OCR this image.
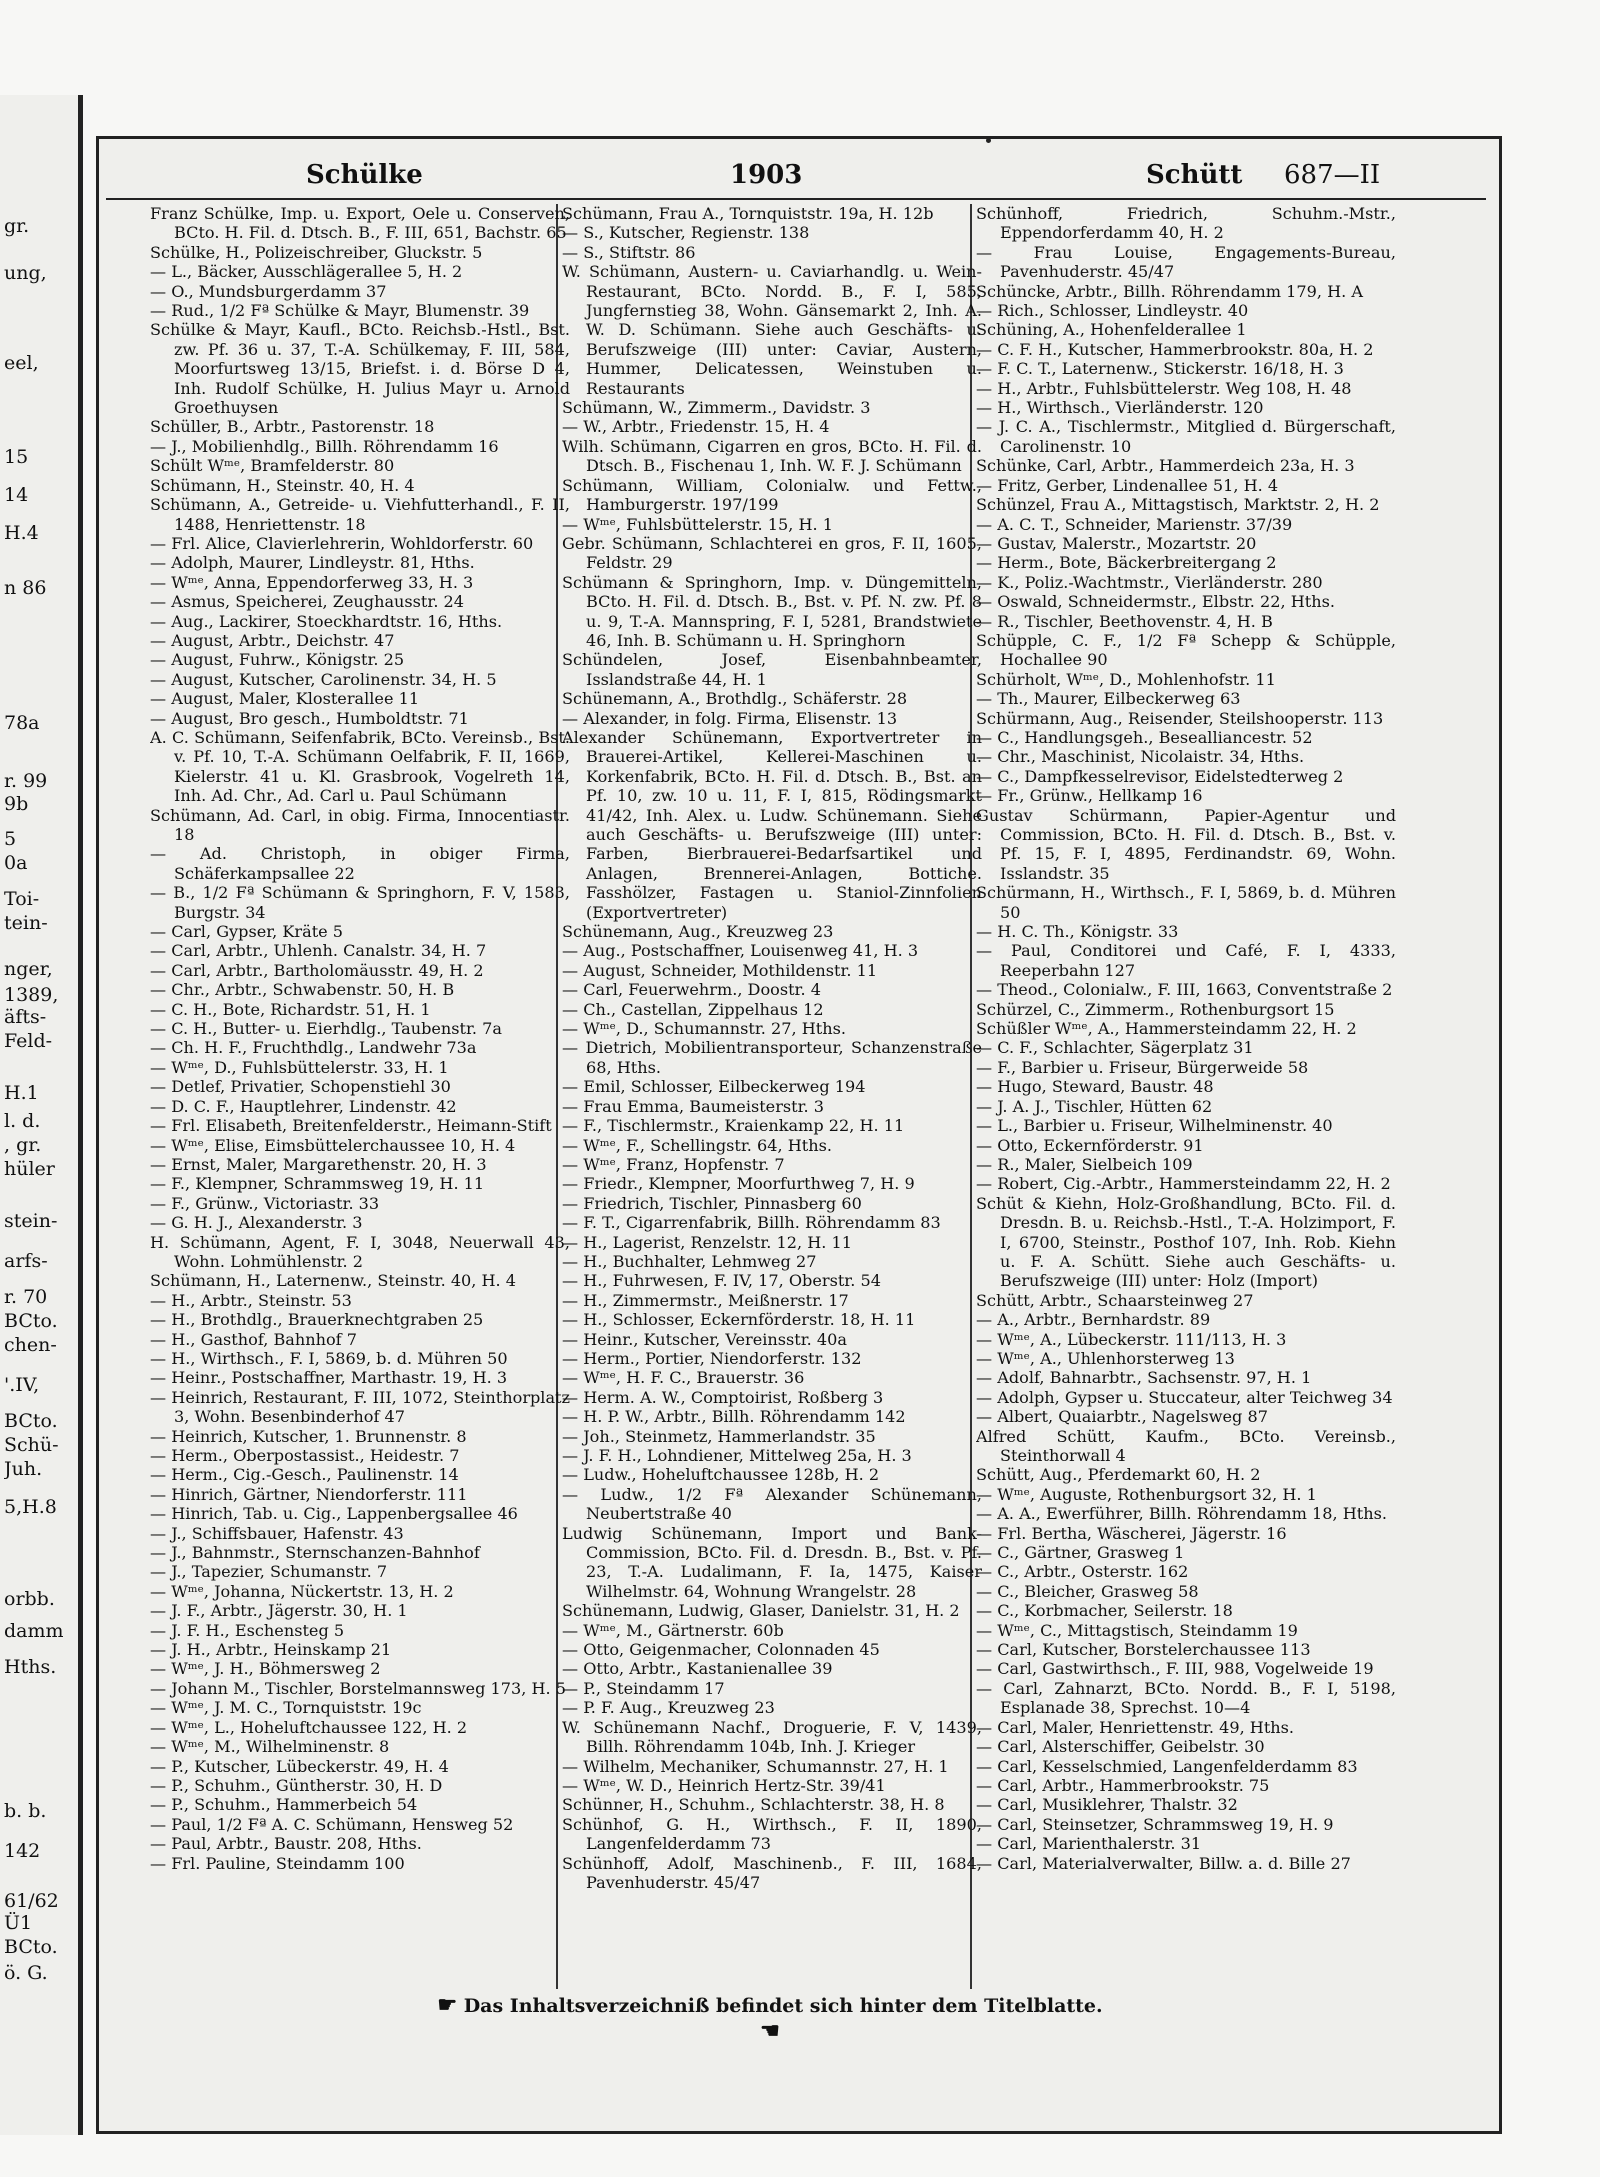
gr.
ung,
eel,
15
14
H.4
n 86
78a
r. 99
9b
5
0a
Toi-
tein-
nger,
1389,
äfts-
Feld-
H.1
l. d.
, gr.
hüler
stein-
arfs-
r. 70
BCto.
chen-
'.IV,
BCto.
Schü-
Juh.
5,H.8
orbb.
damm
Hths.
b. b.
142
61/62
Ü1
BCto.
ö. G.
Schülke	1903	Schütt 687—II

Franz Schülke, Imp. u. Export, Oele u. Conserven, BCto. H. Fil. d. Dtsch. B., F. III, 651, Bachstr. 65

Schülke, H., Polizeischreiber, Gluckstr. 5

— L., Bäcker, Ausschlägerallee 5, H. 2

— O., Mundsburgerdamm 37

— Rud., 1/2 Fª Schülke & Mayr, Blumenstr. 39

Schülke & Mayr, Kaufl., BCto. Reichsb.-Hstl., Bst. zw. Pf. 36 u. 37, T.-A. Schülkemay, F. III, 584, Moorfurtsweg 13/15, Briefst. i. d. Börse D 4, Inh. Rudolf Schülke, H. Julius Mayr u. Arnold Groethuysen

Schüller, B., Arbtr., Pastorenstr. 18

— J., Mobilienhdlg., Billh. Röhrendamm 16

Schült Wᵐᵉ, Bramfelderstr. 80

Schümann, H., Steinstr. 40, H. 4

Schümann, A., Getreide- u. Viehfutterhandl., F. II, 1488, Henriettenstr. 18

— Frl. Alice, Clavierlehrerin, Wohldorferstr. 60

— Adolph, Maurer, Lindleystr. 81, Hths.

— Wᵐᵉ, Anna, Eppendorferweg 33, H. 3

— Asmus, Speicherei, Zeughausstr. 24

— Aug., Lackirer, Stoeckhardtstr. 16, Hths.

— August, Arbtr., Deichstr. 47

— August, Fuhrw., Königstr. 25

— August, Kutscher, Carolinenstr. 34, H. 5

— August, Maler, Klosterallee 11

— August, Bro gesch., Humboldtstr. 71

A. C. Schümann, Seifenfabrik, BCto. Vereinsb., Bst. v. Pf. 10, T.-A. Schümann Oelfabrik, F. II, 1669, Kielerstr. 41 u. Kl. Grasbrook, Vogelreth 14, Inh. Ad. Chr., Ad. Carl u. Paul Schümann

Schümann, Ad. Carl, in obig. Firma, Innocentiastr. 18

— Ad. Christoph, in obiger Firma, Schäferkampsallee 22

— B., 1/2 Fª Schümann & Springhorn, F. V, 1583, Burgstr. 34

— Carl, Gypser, Kräte 5

— Carl, Arbtr., Uhlenh. Canalstr. 34, H. 7

— Carl, Arbtr., Bartholomäusstr. 49, H. 2

— Chr., Arbtr., Schwabenstr. 50, H. B

— C. H., Bote, Richardstr. 51, H. 1

— C. H., Butter- u. Eierhdlg., Taubenstr. 7a

— Ch. H. F., Fruchthdlg., Landwehr 73a

— Wᵐᵉ, D., Fuhlsbüttelerstr. 33, H. 1

— Detlef, Privatier, Schopenstiehl 30

— D. C. F., Hauptlehrer, Lindenstr. 42

— Frl. Elisabeth, Breitenfelderstr., Heimann-Stift

— Wᵐᵉ, Elise, Eimsbüttelerchaussee 10, H. 4

— Ernst, Maler, Margarethenstr. 20, H. 3

— F., Klempner, Schrammsweg 19, H. 11

— F., Grünw., Victoriastr. 33

— G. H. J., Alexanderstr. 3

H. Schümann, Agent, F. I, 3048, Neuerwall 43, Wohn. Lohmühlenstr. 2

Schümann, H., Laternenw., Steinstr. 40, H. 4

— H., Arbtr., Steinstr. 53

— H., Brothdlg., Brauerknechtgraben 25

— H., Gasthof, Bahnhof 7

— H., Wirthsch., F. I, 5869, b. d. Mühren 50

— Heinr., Postschaffner, Marthastr. 19, H. 3

— Heinrich, Restaurant, F. III, 1072, Steinthorplatz 3, Wohn. Besenbinderhof 47

— Heinrich, Kutscher, 1. Brunnenstr. 8

— Herm., Oberpostassist., Heidestr. 7

— Herm., Cig.-Gesch., Paulinenstr. 14

— Hinrich, Gärtner, Niendorferstr. 111

— Hinrich, Tab. u. Cig., Lappenbergsallee 46

— J., Schiffsbauer, Hafenstr. 43

— J., Bahnmstr., Sternschanzen-Bahnhof

— J., Tapezier, Schumanstr. 7

— Wᵐᵉ, Johanna, Nückertstr. 13, H. 2

— J. F., Arbtr., Jägerstr. 30, H. 1

— J. F. H., Eschensteg 5

— J. H., Arbtr., Heinskamp 21

— Wᵐᵉ, J. H., Böhmersweg 2

— Johann M., Tischler, Borstelmannsweg 173, H. 5

— Wᵐᵉ, J. M. C., Tornquiststr. 19c

— Wᵐᵉ, L., Hoheluftchaussee 122, H. 2

— Wᵐᵉ, M., Wilhelminenstr. 8

— P., Kutscher, Lübeckerstr. 49, H. 4

— P., Schuhm., Güntherstr. 30, H. D

— P., Schuhm., Hammerbeich 54

— Paul, 1/2 Fª A. C. Schümann, Hensweg 52

— Paul, Arbtr., Baustr. 208, Hths.

— Frl. Pauline, Steindamm 100

Schümann, Frau A., Tornquiststr. 19a, H. 12b

— S., Kutscher, Regienstr. 138

— S., Stiftstr. 86

W. Schümann, Austern- u. Caviarhandlg. u. Wein-Restaurant, BCto. Nordd. B., F. I, 585, Jungfernstieg 38, Wohn. Gänsemarkt 2, Inh. A. W. D. Schümann. Siehe auch Geschäfts- u. Berufszweige (III) unter: Caviar, Austern, Hummer, Delicatessen, Weinstuben u. Restaurants

Schümann, W., Zimmerm., Davidstr. 3

— W., Arbtr., Friedenstr. 15, H. 4

Wilh. Schümann, Cigarren en gros, BCto. H. Fil. d. Dtsch. B., Fischenau 1, Inh. W. F. J. Schümann

Schümann, William, Colonialw. und Fettw., Hamburgerstr. 197/199

— Wᵐᵉ, Fuhlsbüttelerstr. 15, H. 1

Gebr. Schümann, Schlachterei en gros, F. II, 1605, Feldstr. 29

Schümann & Springhorn, Imp. v. Düngemitteln, BCto. H. Fil. d. Dtsch. B., Bst. v. Pf. N. zw. Pf. 8 u. 9, T.-A. Mannspring, F. I, 5281, Brandstwiete 46, Inh. B. Schümann u. H. Springhorn

Schündelen, Josef, Eisenbahnbeamter, Isslandstraße 44, H. 1

Schünemann, A., Brothdlg., Schäferstr. 28

— Alexander, in folg. Firma, Elisenstr. 13

Alexander Schünemann, Exportvertreter in Brauerei-Artikel, Kellerei-Maschinen u. Korkenfabrik, BCto. H. Fil. d. Dtsch. B., Bst. an Pf. 10, zw. 10 u. 11, F. I, 815, Rödingsmarkt 41/42, Inh. Alex. u. Ludw. Schünemann. Siehe auch Geschäfts- u. Berufszweige (III) unter: Farben, Bierbrauerei-Bedarfsartikel und Anlagen, Brennerei-Anlagen, Bottiche. Fasshölzer, Fastagen u. Staniol-Zinnfolien (Exportvertreter)

Schünemann, Aug., Kreuzweg 23

— Aug., Postschaffner, Louisenweg 41, H. 3

— August, Schneider, Mothildenstr. 11

— Carl, Feuerwehrm., Doostr. 4

— Ch., Castellan, Zippelhaus 12

— Wᵐᵉ, D., Schumannstr. 27, Hths.

— Dietrich, Mobilientransporteur, Schanzenstraße 68, Hths.

— Emil, Schlosser, Eilbeckerweg 194

— Frau Emma, Baumeisterstr. 3

— F., Tischlermstr., Kraienkamp 22, H. 11

— Wᵐᵉ, F., Schellingstr. 64, Hths.

— Wᵐᵉ, Franz, Hopfenstr. 7

— Friedr., Klempner, Moorfurthweg 7, H. 9

— Friedrich, Tischler, Pinnasberg 60

— F. T., Cigarrenfabrik, Billh. Röhrendamm 83

— H., Lagerist, Renzelstr. 12, H. 11

— H., Buchhalter, Lehmweg 27

— H., Fuhrwesen, F. IV, 17, Oberstr. 54

— H., Zimmermstr., Meißnerstr. 17

— H., Schlosser, Eckernförderstr. 18, H. 11

— Heinr., Kutscher, Vereinsstr. 40a

— Herm., Portier, Niendorferstr. 132

— Wᵐᵉ, H. F. C., Brauerstr. 36

— Herm. A. W., Comptoirist, Roßberg 3

— H. P. W., Arbtr., Billh. Röhrendamm 142

— Joh., Steinmetz, Hammerlandstr. 35

— J. F. H., Lohndiener, Mittelweg 25a, H. 3

— Ludw., Hoheluftchaussee 128b, H. 2

— Ludw., 1/2 Fª Alexander Schünemann, Neubertstraße 40

Ludwig Schünemann, Import und Bank-Commission, BCto. Fil. d. Dresdn. B., Bst. v. Pf. 23, T.-A. Ludalimann, F. Ia, 1475, Kaiser Wilhelmstr. 64, Wohnung Wrangelstr. 28

Schünemann, Ludwig, Glaser, Danielstr. 31, H. 2

— Wᵐᵉ, M., Gärtnerstr. 60b

— Otto, Geigenmacher, Colonnaden 45

— Otto, Arbtr., Kastanienallee 39

— P., Steindamm 17

— P. F. Aug., Kreuzweg 23

W. Schünemann Nachf., Droguerie, F. V, 1439, Billh. Röhrendamm 104b, Inh. J. Krieger

— Wilhelm, Mechaniker, Schumannstr. 27, H. 1

— Wᵐᵉ, W. D., Heinrich Hertz-Str. 39/41

Schünner, H., Schuhm., Schlachterstr. 38, H. 8

Schünhof, G. H., Wirthsch., F. II, 1890, Langenfelderdamm 73

Schünhoff, Adolf, Maschinenb., F. III, 1684, Pavenhuderstr. 45/47

Schünhoff, Friedrich, Schuhm.-Mstr., Eppendorferdamm 40, H. 2

— Frau Louise, Engagements-Bureau, Pavenhuderstr. 45/47

Schüncke, Arbtr., Billh. Röhrendamm 179, H. A

— Rich., Schlosser, Lindleystr. 40

Schüning, A., Hohenfelderallee 1

— C. F. H., Kutscher, Hammerbrookstr. 80a, H. 2

— F. C. T., Laternenw., Stickerstr. 16/18, H. 3

— H., Arbtr., Fuhlsbüttelerstr. Weg 108, H. 48

— H., Wirthsch., Vierländerstr. 120

— J. C. A., Tischlermstr., Mitglied d. Bürgerschaft, Carolinenstr. 10

Schünke, Carl, Arbtr., Hammerdeich 23a, H. 3

— Fritz, Gerber, Lindenallee 51, H. 4

Schünzel, Frau A., Mittagstisch, Marktstr. 2, H. 2

— A. C. T., Schneider, Marienstr. 37/39

— Gustav, Malerstr., Mozartstr. 20

— Herm., Bote, Bäckerbreitergang 2

— K., Poliz.-Wachtmstr., Vierländerstr. 280

— Oswald, Schneidermstr., Elbstr. 22, Hths.

— R., Tischler, Beethovenstr. 4, H. B

Schüpple, C. F., 1/2 Fª Schepp & Schüpple, Hochallee 90

Schürholt, Wᵐᵉ, D., Mohlenhofstr. 11

— Th., Maurer, Eilbeckerweg 63

Schürmann, Aug., Reisender, Steilshooperstr. 113

— C., Handlungsgeh., Besealliancestr. 52

— Chr., Maschinist, Nicolaistr. 34, Hths.

— C., Dampfkesselrevisor, Eidelstedterweg 2

— Fr., Grünw., Hellkamp 16

Gustav Schürmann, Papier-Agentur und Commission, BCto. H. Fil. d. Dtsch. B., Bst. v. Pf. 15, F. I, 4895, Ferdinandstr. 69, Wohn. Isslandstr. 35

Schürmann, H., Wirthsch., F. I, 5869, b. d. Mühren 50

— H. C. Th., Königstr. 33

— Paul, Conditorei und Café, F. I, 4333, Reeperbahn 127

— Theod., Colonialw., F. III, 1663, Conventstraße 2

Schürzel, C., Zimmerm., Rothenburgsort 15

Schüßler Wᵐᵉ, A., Hammersteindamm 22, H. 2

— C. F., Schlachter, Sägerplatz 31

— F., Barbier u. Friseur, Bürgerweide 58

— Hugo, Steward, Baustr. 48

— J. A. J., Tischler, Hütten 62

— L., Barbier u. Friseur, Wilhelminenstr. 40

— Otto, Eckernförderstr. 91

— R., Maler, Sielbeich 109

— Robert, Cig.-Arbtr., Hammersteindamm 22, H. 2

Schüt & Kiehn, Holz-Großhandlung, BCto. Fil. d. Dresdn. B. u. Reichsb.-Hstl., T.-A. Holzimport, F. I, 6700, Steinstr., Posthof 107, Inh. Rob. Kiehn u. F. A. Schütt. Siehe auch Geschäfts- u. Berufszweige (III) unter: Holz (Import)

Schütt, Arbtr., Schaarsteinweg 27

— A., Arbtr., Bernhardstr. 89

— Wᵐᵉ, A., Lübeckerstr. 111/113, H. 3

— Wᵐᵉ, A., Uhlenhorsterweg 13

— Adolf, Bahnarbtr., Sachsenstr. 97, H. 1

— Adolph, Gypser u. Stuccateur, alter Teichweg 34

— Albert, Quaiarbtr., Nagelsweg 87

Alfred Schütt, Kaufm., BCto. Vereinsb., Steinthorwall 4

Schütt, Aug., Pferdemarkt 60, H. 2

— Wᵐᵉ, Auguste, Rothenburgsort 32, H. 1

— A. A., Ewerführer, Billh. Röhrendamm 18, Hths.

— Frl. Bertha, Wäscherei, Jägerstr. 16

— C., Gärtner, Grasweg 1

— C., Arbtr., Osterstr. 162

— C., Bleicher, Grasweg 58

— C., Korbmacher, Seilerstr. 18

— Wᵐᵉ, C., Mittagstisch, Steindamm 19

— Carl, Kutscher, Borstelerchaussee 113

— Carl, Gastwirthsch., F. III, 988, Vogelweide 19

— Carl, Zahnarzt, BCto. Nordd. B., F. I, 5198, Esplanade 38, Sprechst. 10—4

— Carl, Maler, Henriettenstr. 49, Hths.

— Carl, Alsterschiffer, Geibelstr. 30

— Carl, Kesselschmied, Langenfelderdamm 83

— Carl, Arbtr., Hammerbrookstr. 75

— Carl, Musiklehrer, Thalstr. 32

— Carl, Steinsetzer, Schrammsweg 19, H. 9

— Carl, Marienthalerstr. 31

— Carl, Materialverwalter, Billw. a. d. Bille 27

☛ Das Inhaltsverzeichniß befindet sich hinter dem Titelblatte. ☚
